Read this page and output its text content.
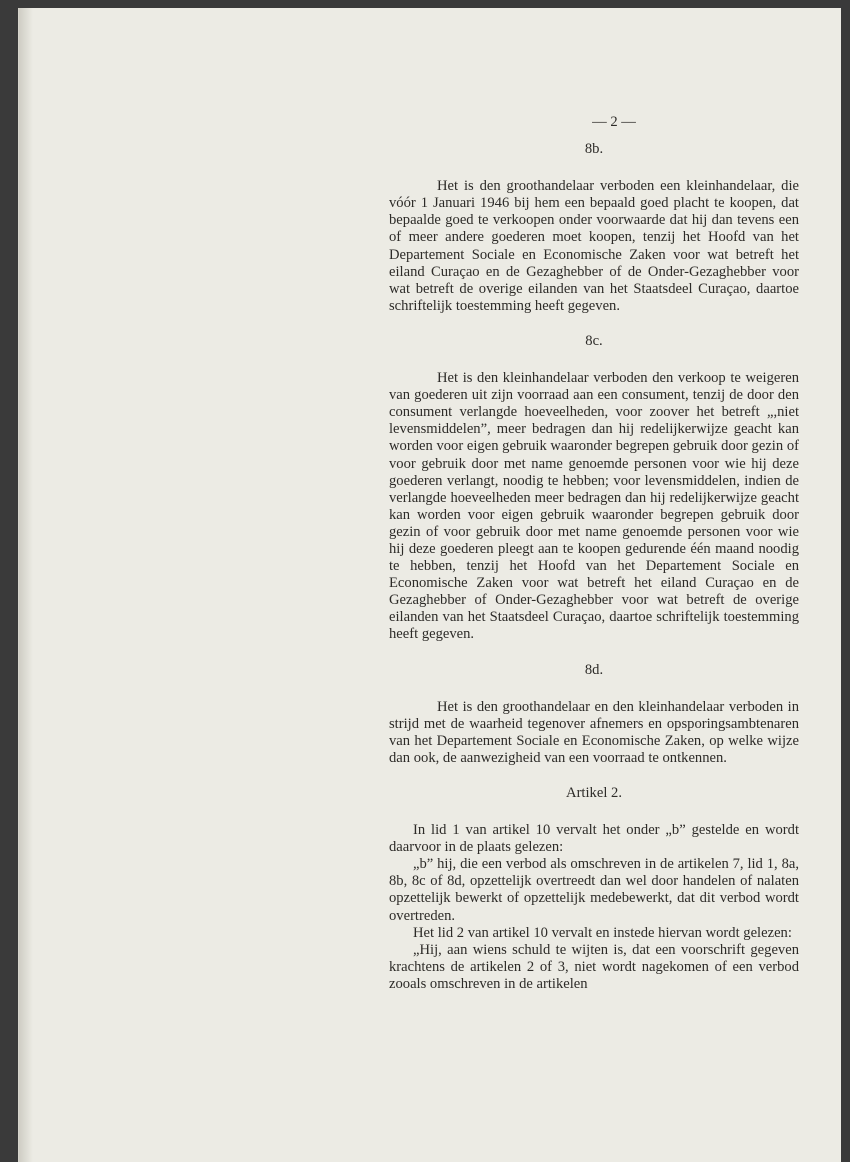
— 2 —
8b.

Het is den groothandelaar verboden een kleinhandelaar, die vóór 1 Januari 1946 bij hem een bepaald goed placht te koopen, dat bepaalde goed te verkoopen onder voorwaarde dat hij dan tevens een of meer andere goederen moet koopen, tenzij het Hoofd van het Departement Sociale en Economische Zaken voor wat betreft het eiland Curaçao en de Gezaghebber of de Onder-Gezaghebber voor wat betreft de overige eilanden van het Staatsdeel Curaçao, daartoe schriftelijk toestemming heeft gegeven.

8c.

Het is den kleinhandelaar verboden den verkoop te weigeren van goederen uit zijn voorraad aan een consument, tenzij de door den consument verlangde hoeveelheden, voor zoover het betreft „,niet levensmiddelen”, meer bedragen dan hij redelijkerwijze geacht kan worden voor eigen gebruik waaronder begrepen gebruik door gezin of voor gebruik door met name genoemde personen voor wie hij deze goederen verlangt, noodig te hebben; voor levensmiddelen, indien de verlangde hoeveelheden meer bedragen dan hij redelijkerwijze geacht kan worden voor eigen gebruik waaronder begrepen gebruik door gezin of voor gebruik door met name genoemde personen voor wie hij deze goederen pleegt aan te koopen gedurende één maand noodig te hebben, tenzij het Hoofd van het Departement Sociale en Economische Zaken voor wat betreft het eiland Curaçao en de Gezaghebber of Onder-Gezaghebber voor wat betreft de overige eilanden van het Staatsdeel Curaçao, daartoe schriftelijk toestemming heeft gegeven.

8d.

Het is den groothandelaar en den kleinhandelaar verboden in strijd met de waarheid tegenover afnemers en opsporingsambtenaren van het Departement Sociale en Economische Zaken, op welke wijze dan ook, de aanwezigheid van een voorraad te ontkennen.

Artikel 2.

In lid 1 van artikel 10 vervalt het onder „b” gestelde en wordt daarvoor in de plaats gelezen:

„b” hij, die een verbod als omschreven in de artikelen 7, lid 1, 8a, 8b, 8c of 8d, opzettelijk overtreedt dan wel door handelen of nalaten opzettelijk bewerkt of opzettelijk medebewerkt, dat dit verbod wordt overtreden.

Het lid 2 van artikel 10 vervalt en instede hiervan wordt gelezen:

„Hij, aan wiens schuld te wijten is, dat een voorschrift gegeven krachtens de artikelen 2 of 3, niet wordt nagekomen of een verbod zooals omschreven in de artikelen
